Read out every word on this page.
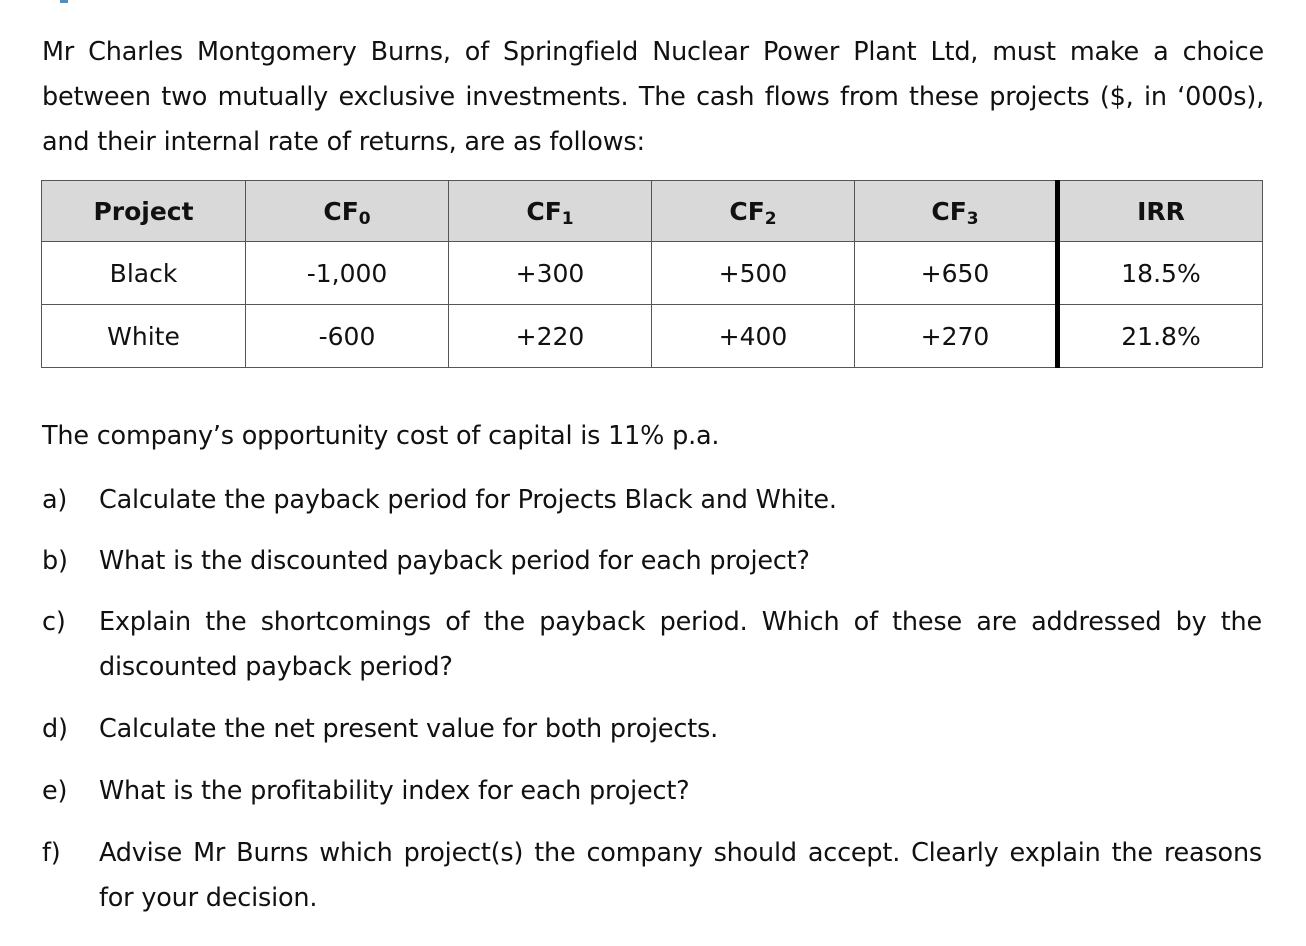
Mr Charles Montgomery Burns, of Springfield Nuclear Power Plant Ltd, must make a choice between two mutually exclusive investments. The cash flows from these projects ($, in ‘000s), and their internal rate of returns, are as follows:

Project	CF0	CF1	CF2	CF3	IRR
Black	-1,000	+300	+500	+650	18.5%
White	-600	+220	+400	+270	21.8%
The company’s opportunity cost of capital is 11% p.a.
a) Calculate the payback period for Projects Black and White.
b) What is the discounted payback period for each project?
c) Explain the shortcomings of the payback period. Which of these are addressed by the discounted payback period?
d) Calculate the net present value for both projects.
e) What is the profitability index for each project?
f) Advise Mr Burns which project(s) the company should accept. Clearly explain the reasons for your decision.
